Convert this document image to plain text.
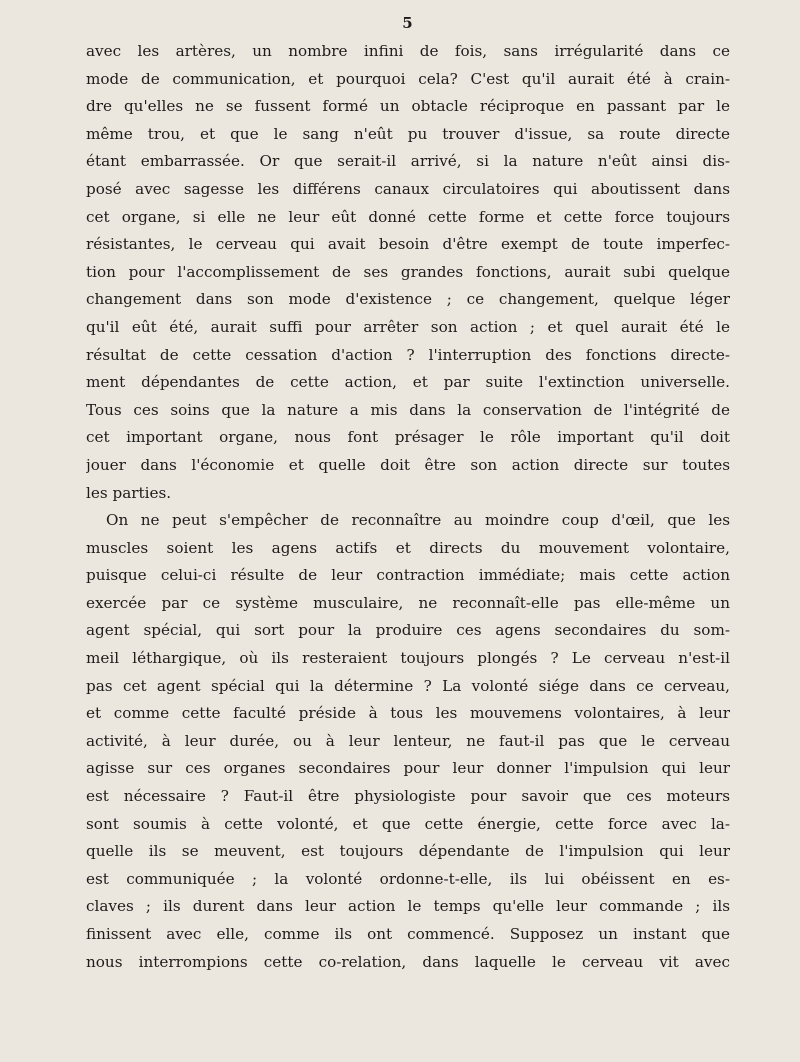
5

avec les artères, un nombre infini de fois, sans irrégularité dans ce
mode de communication, et pourquoi cela? C'est qu'il aurait été à crain-
dre qu'elles ne se fussent formé un obtacle réciproque en passant par le
même trou, et que le sang n'eût pu trouver d'issue, sa route directe
étant embarrassée. Or que serait-il arrivé, si la nature n'eût ainsi dis-
posé avec sagesse les différens canaux circulatoires qui aboutissent dans
cet organe, si elle ne leur eût donné cette forme et cette force toujours
résistantes, le cerveau qui avait besoin d'être exempt de toute imperfec-
tion pour l'accomplissement de ses grandes fonctions, aurait subi quelque
changement dans son mode d'existence ; ce changement, quelque léger
qu'il eût été, aurait suffi pour arrêter son action ; et quel aurait été le
résultat de cette cessation d'action ? l'interruption des fonctions directe-
ment dépendantes de cette action, et par suite l'extinction universelle.
Tous ces soins que la nature a mis dans la conservation de l'intégrité de
cet important organe, nous font présager le rôle important qu'il doit
jouer dans l'économie et quelle doit être son action directe sur toutes
les parties.

On ne peut s'empêcher de reconnaître au moindre coup d'œil, que les
muscles soient les agens actifs et directs du mouvement volontaire,
puisque celui-ci résulte de leur contraction immédiate; mais cette action
exercée par ce système musculaire, ne reconnaît-elle pas elle-même un
agent spécial, qui sort pour la produire ces agens secondaires du som-
meil léthargique, où ils resteraient toujours plongés ? Le cerveau n'est-il
pas cet agent spécial qui la détermine ? La volonté siége dans ce cerveau,
et comme cette faculté préside à tous les mouvemens volontaires, à leur
activité, à leur durée, ou à leur lenteur, ne faut-il pas que le cerveau
agisse sur ces organes secondaires pour leur donner l'impulsion qui leur
est nécessaire ? Faut-il être physiologiste pour savoir que ces moteurs
sont soumis à cette volonté, et que cette énergie, cette force avec la-
quelle ils se meuvent, est toujours dépendante de l'impulsion qui leur
est communiquée ; la volonté ordonne-t-elle, ils lui obéissent en es-
claves ; ils durent dans leur action le temps qu'elle leur commande ; ils
finissent avec elle, comme ils ont commencé. Supposez un instant que
nous interrompions cette co-relation, dans laquelle le cerveau vit avec
